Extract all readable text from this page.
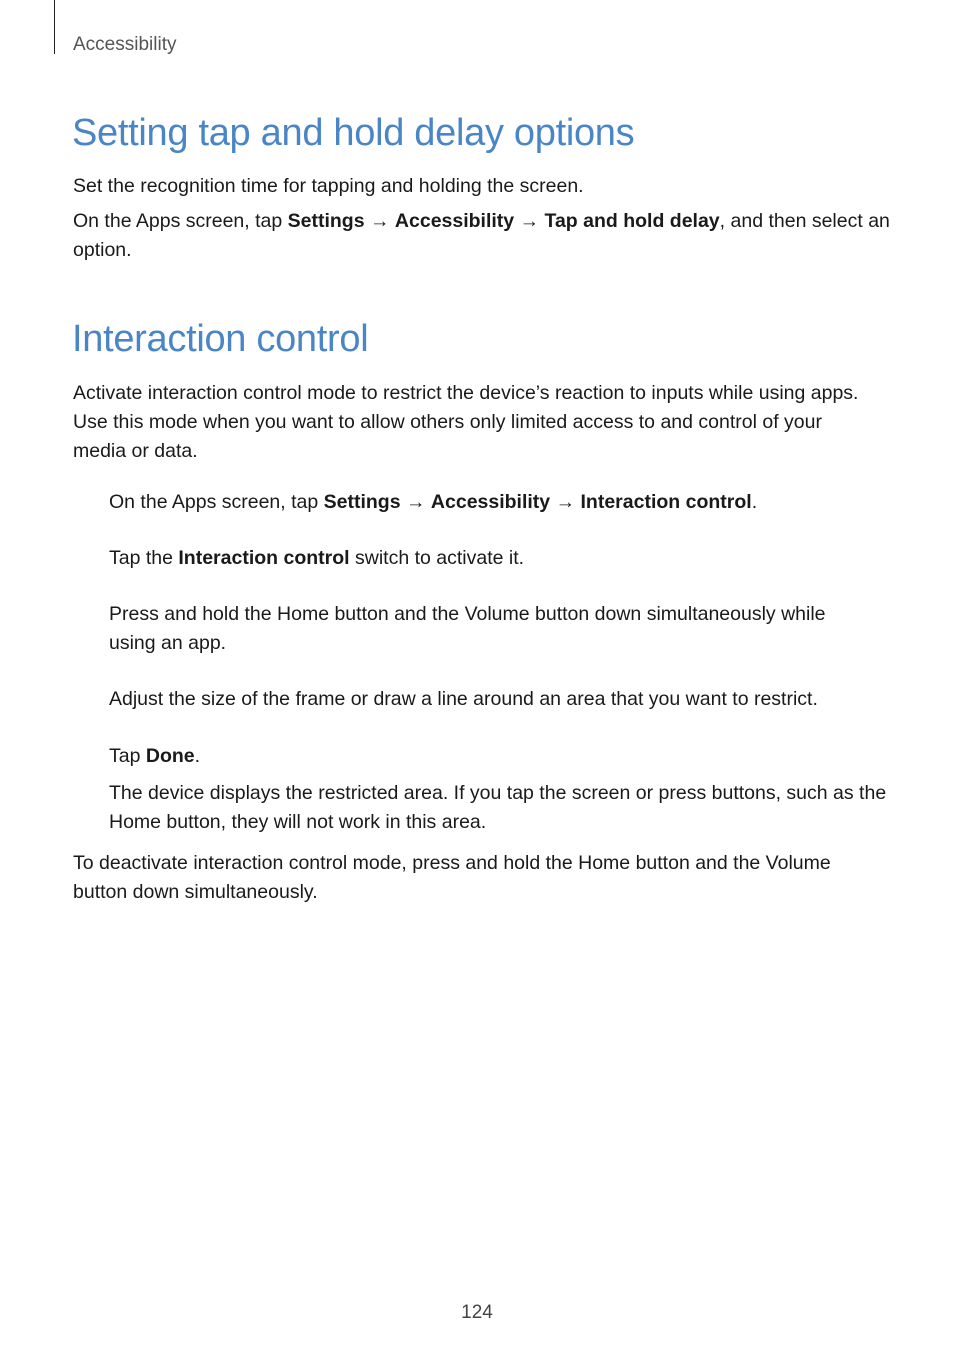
Accessibility
Setting tap and hold delay options

Set the recognition time for tapping and holding the screen.

On the Apps screen, tap Settings → Accessibility → Tap and hold delay, and then select an
option.

Interaction control

Activate interaction control mode to restrict the device’s reaction to inputs while using apps.
Use this mode when you want to allow others only limited access to and control of your
media or data.

On the Apps screen, tap Settings → Accessibility → Interaction control.

Tap the Interaction control switch to activate it.

Press and hold the Home button and the Volume button down simultaneously while
using an app.

Adjust the size of the frame or draw a line around an area that you want to restrict.

Tap Done.

The device displays the restricted area. If you tap the screen or press buttons, such as the
Home button, they will not work in this area.

To deactivate interaction control mode, press and hold the Home button and the Volume
button down simultaneously.

124
